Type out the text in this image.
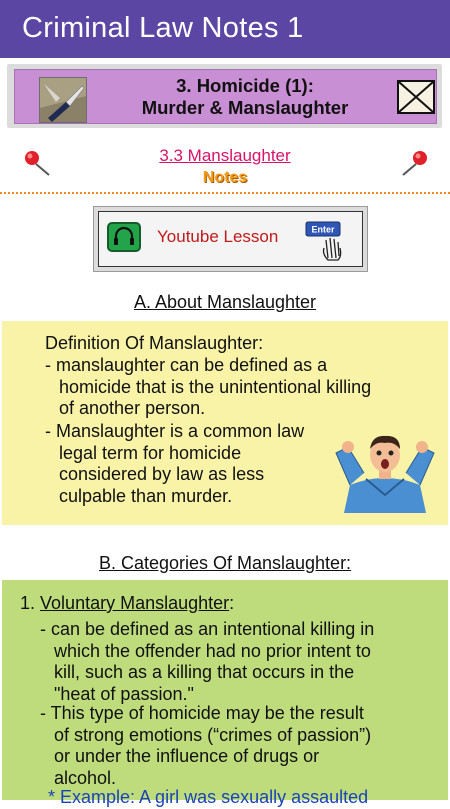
Criminal Law Notes 1
3. Homicide (1):
Murder & Manslaughter
3.3 Manslaughter
Notes
Youtube Lesson	Enter
A. About Manslaughter
Definition Of Manslaughter:
- manslaughter can be defined as a
homicide that is the unintentional killing
of another person.
- Manslaughter is a common law
legal term for homicide
considered by law as less
culpable than murder.
B. Categories Of Manslaughter:
1. Voluntary Manslaughter:
- can be defined as an intentional killing in
which the offender had no prior intent to
kill, such as a killing that occurs in the
"heat of passion."
- This type of homicide may be the result
of strong emotions (“crimes of passion”)
or under the influence of drugs or
alcohol.
* Example: A girl was sexually assaulted
